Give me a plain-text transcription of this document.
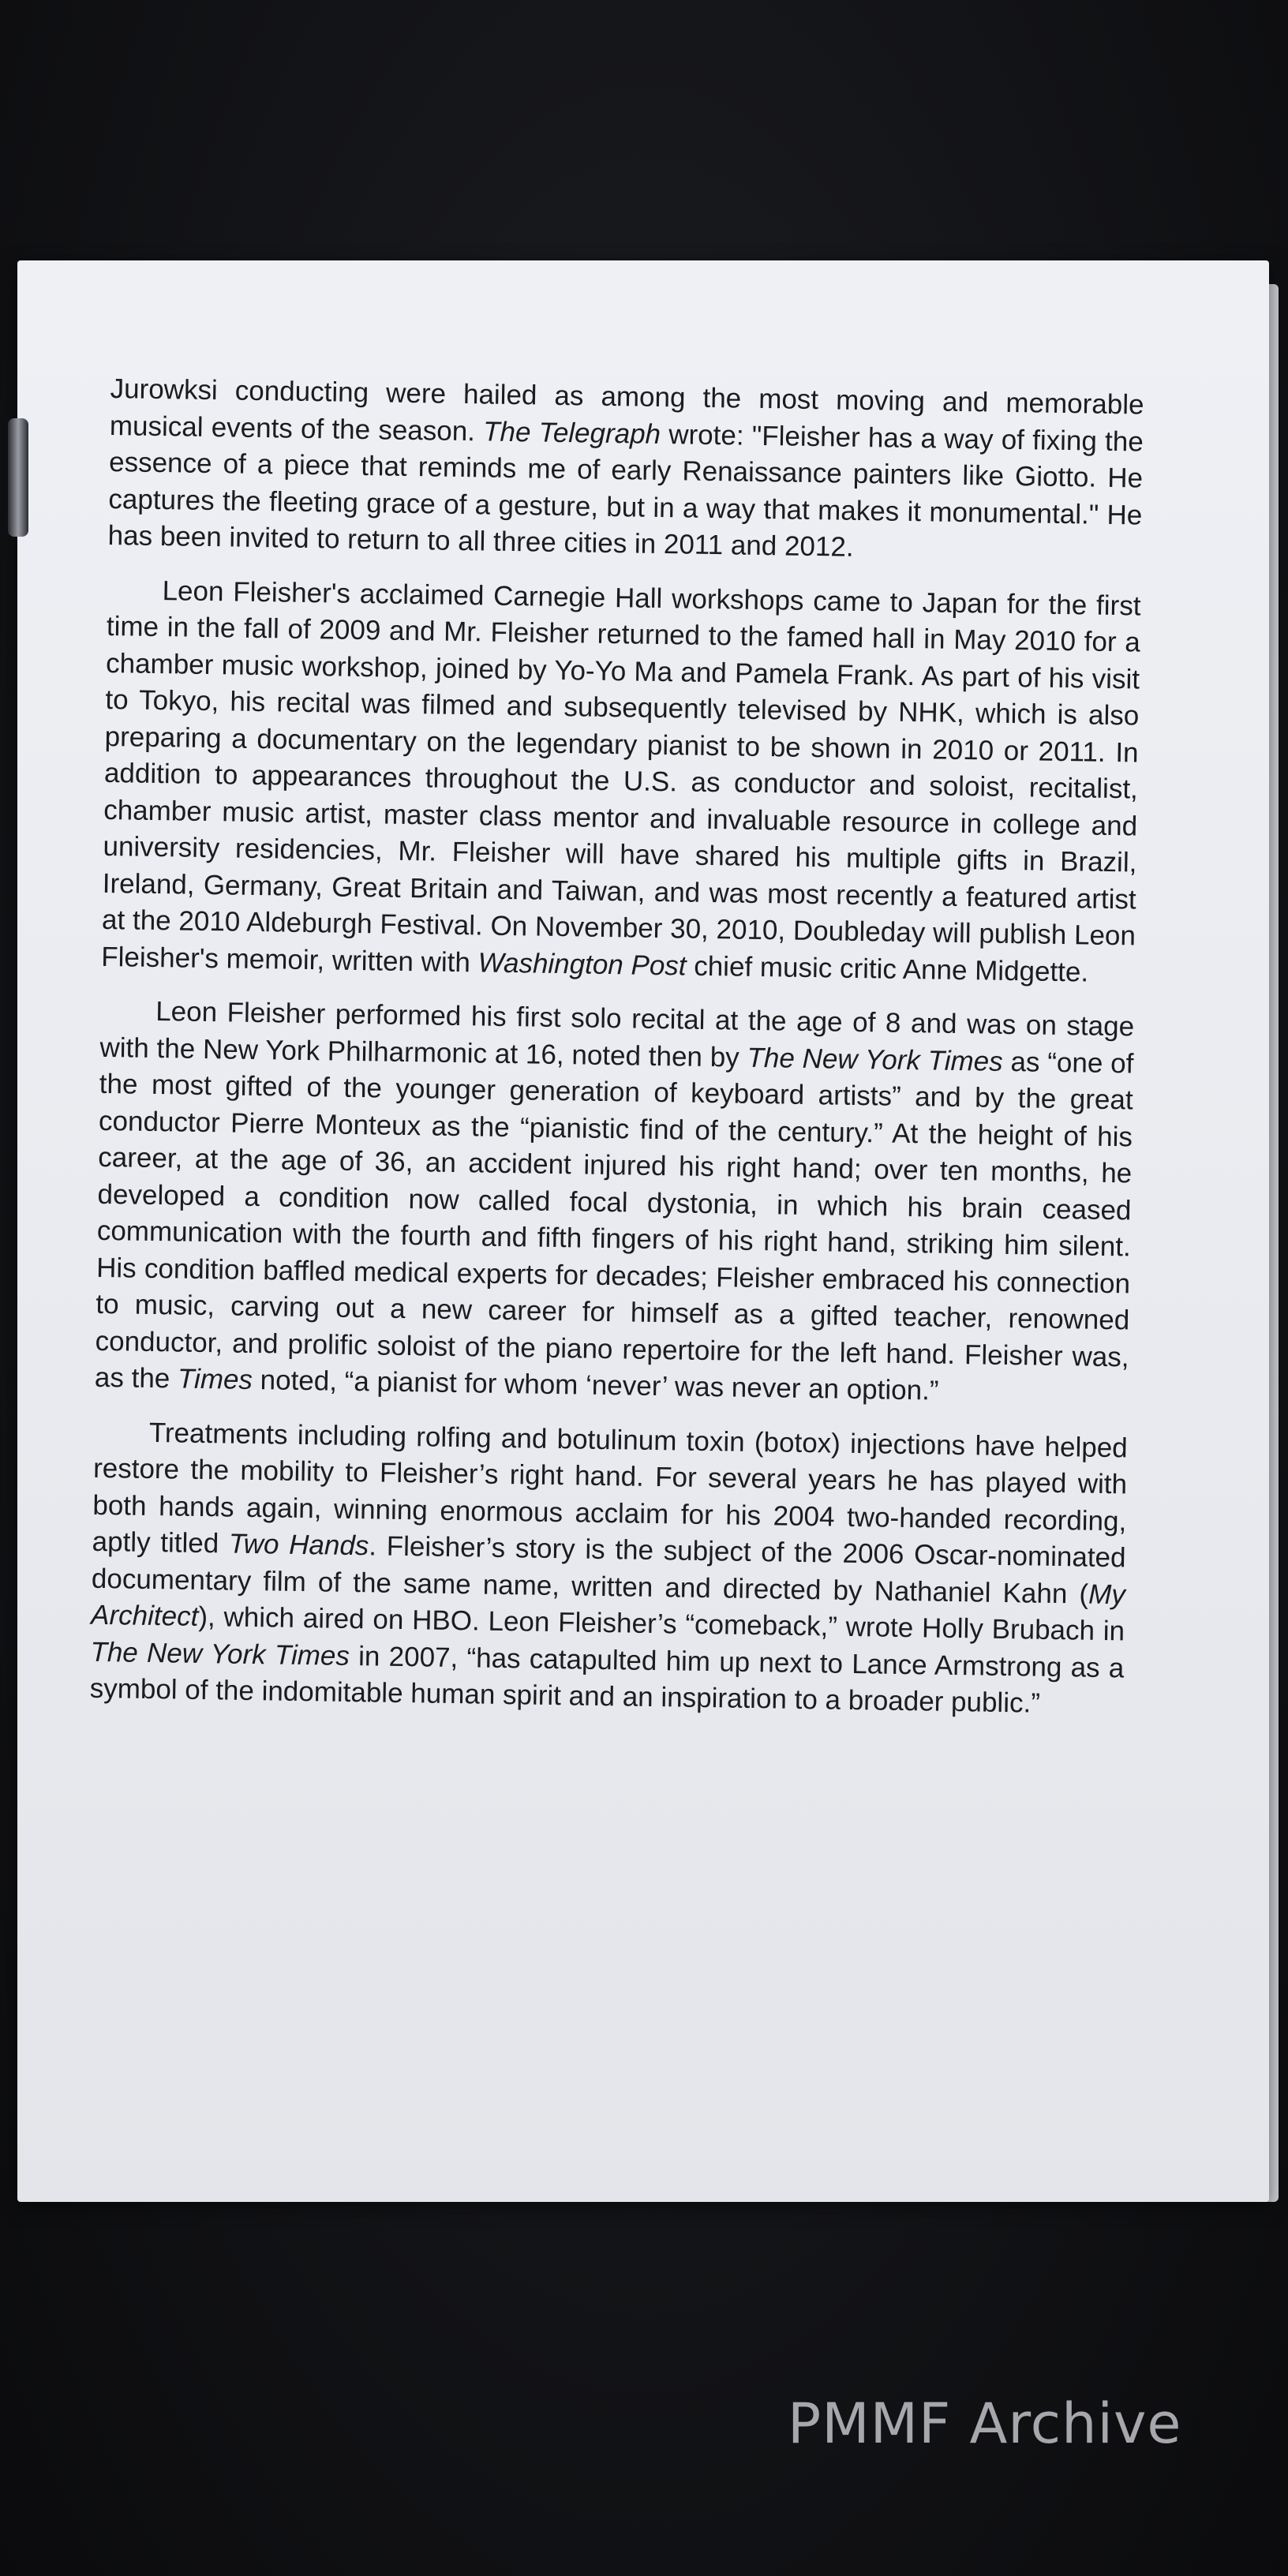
Jurowksi conducting were hailed as among the most moving and memorable musical events of the season. The Telegraph wrote: "Fleisher has a way of fixing the essence of a piece that reminds me of early Renaissance painters like Giotto. He captures the fleeting grace of a gesture, but in a way that makes it monumental." He has been invited to return to all three cities in 2011 and 2012.

Leon Fleisher's acclaimed Carnegie Hall workshops came to Japan for the first time in the fall of 2009 and Mr. Fleisher returned to the famed hall in May 2010 for a chamber music workshop, joined by Yo-Yo Ma and Pamela Frank. As part of his visit to Tokyo, his recital was filmed and subsequently televised by NHK, which is also preparing a documentary on the legendary pianist to be shown in 2010 or 2011. In addition to appearances throughout the U.S. as conductor and soloist, recitalist, chamber music artist, master class mentor and invaluable resource in college and university residencies, Mr. Fleisher will have shared his multiple gifts in Brazil, Ireland, Germany, Great Britain and Taiwan, and was most recently a featured artist at the 2010 Aldeburgh Festival. On November 30, 2010, Doubleday will publish Leon Fleisher's memoir, written with Washington Post chief music critic Anne Midgette.

Leon Fleisher performed his first solo recital at the age of 8 and was on stage with the New York Philharmonic at 16, noted then by The New York Times as “one of the most gifted of the younger generation of keyboard artists” and by the great conductor Pierre Monteux as the “pianistic find of the century.” At the height of his career, at the age of 36, an accident injured his right hand; over ten months, he developed a condition now called focal dystonia, in which his brain ceased communication with the fourth and fifth fingers of his right hand, striking him silent. His condition baffled medical experts for decades; Fleisher embraced his connection to music, carving out a new career for himself as a gifted teacher, renowned conductor, and prolific soloist of the piano repertoire for the left hand. Fleisher was, as the Times noted, “a pianist for whom ‘never’ was never an option.”

Treatments including rolfing and botulinum toxin (botox) injections have helped restore the mobility to Fleisher’s right hand. For several years he has played with both hands again, winning enormous acclaim for his 2004 two-handed recording, aptly titled Two Hands. Fleisher’s story is the subject of the 2006 Oscar-nominated documentary film of the same name, written and directed by Nathaniel Kahn (My Architect), which aired on HBO. Leon Fleisher’s “comeback,” wrote Holly Brubach in The New York Times in 2007, “has catapulted him up next to Lance Armstrong as a symbol of the indomitable human spirit and an inspiration to a broader public.”

PMMF Archive
